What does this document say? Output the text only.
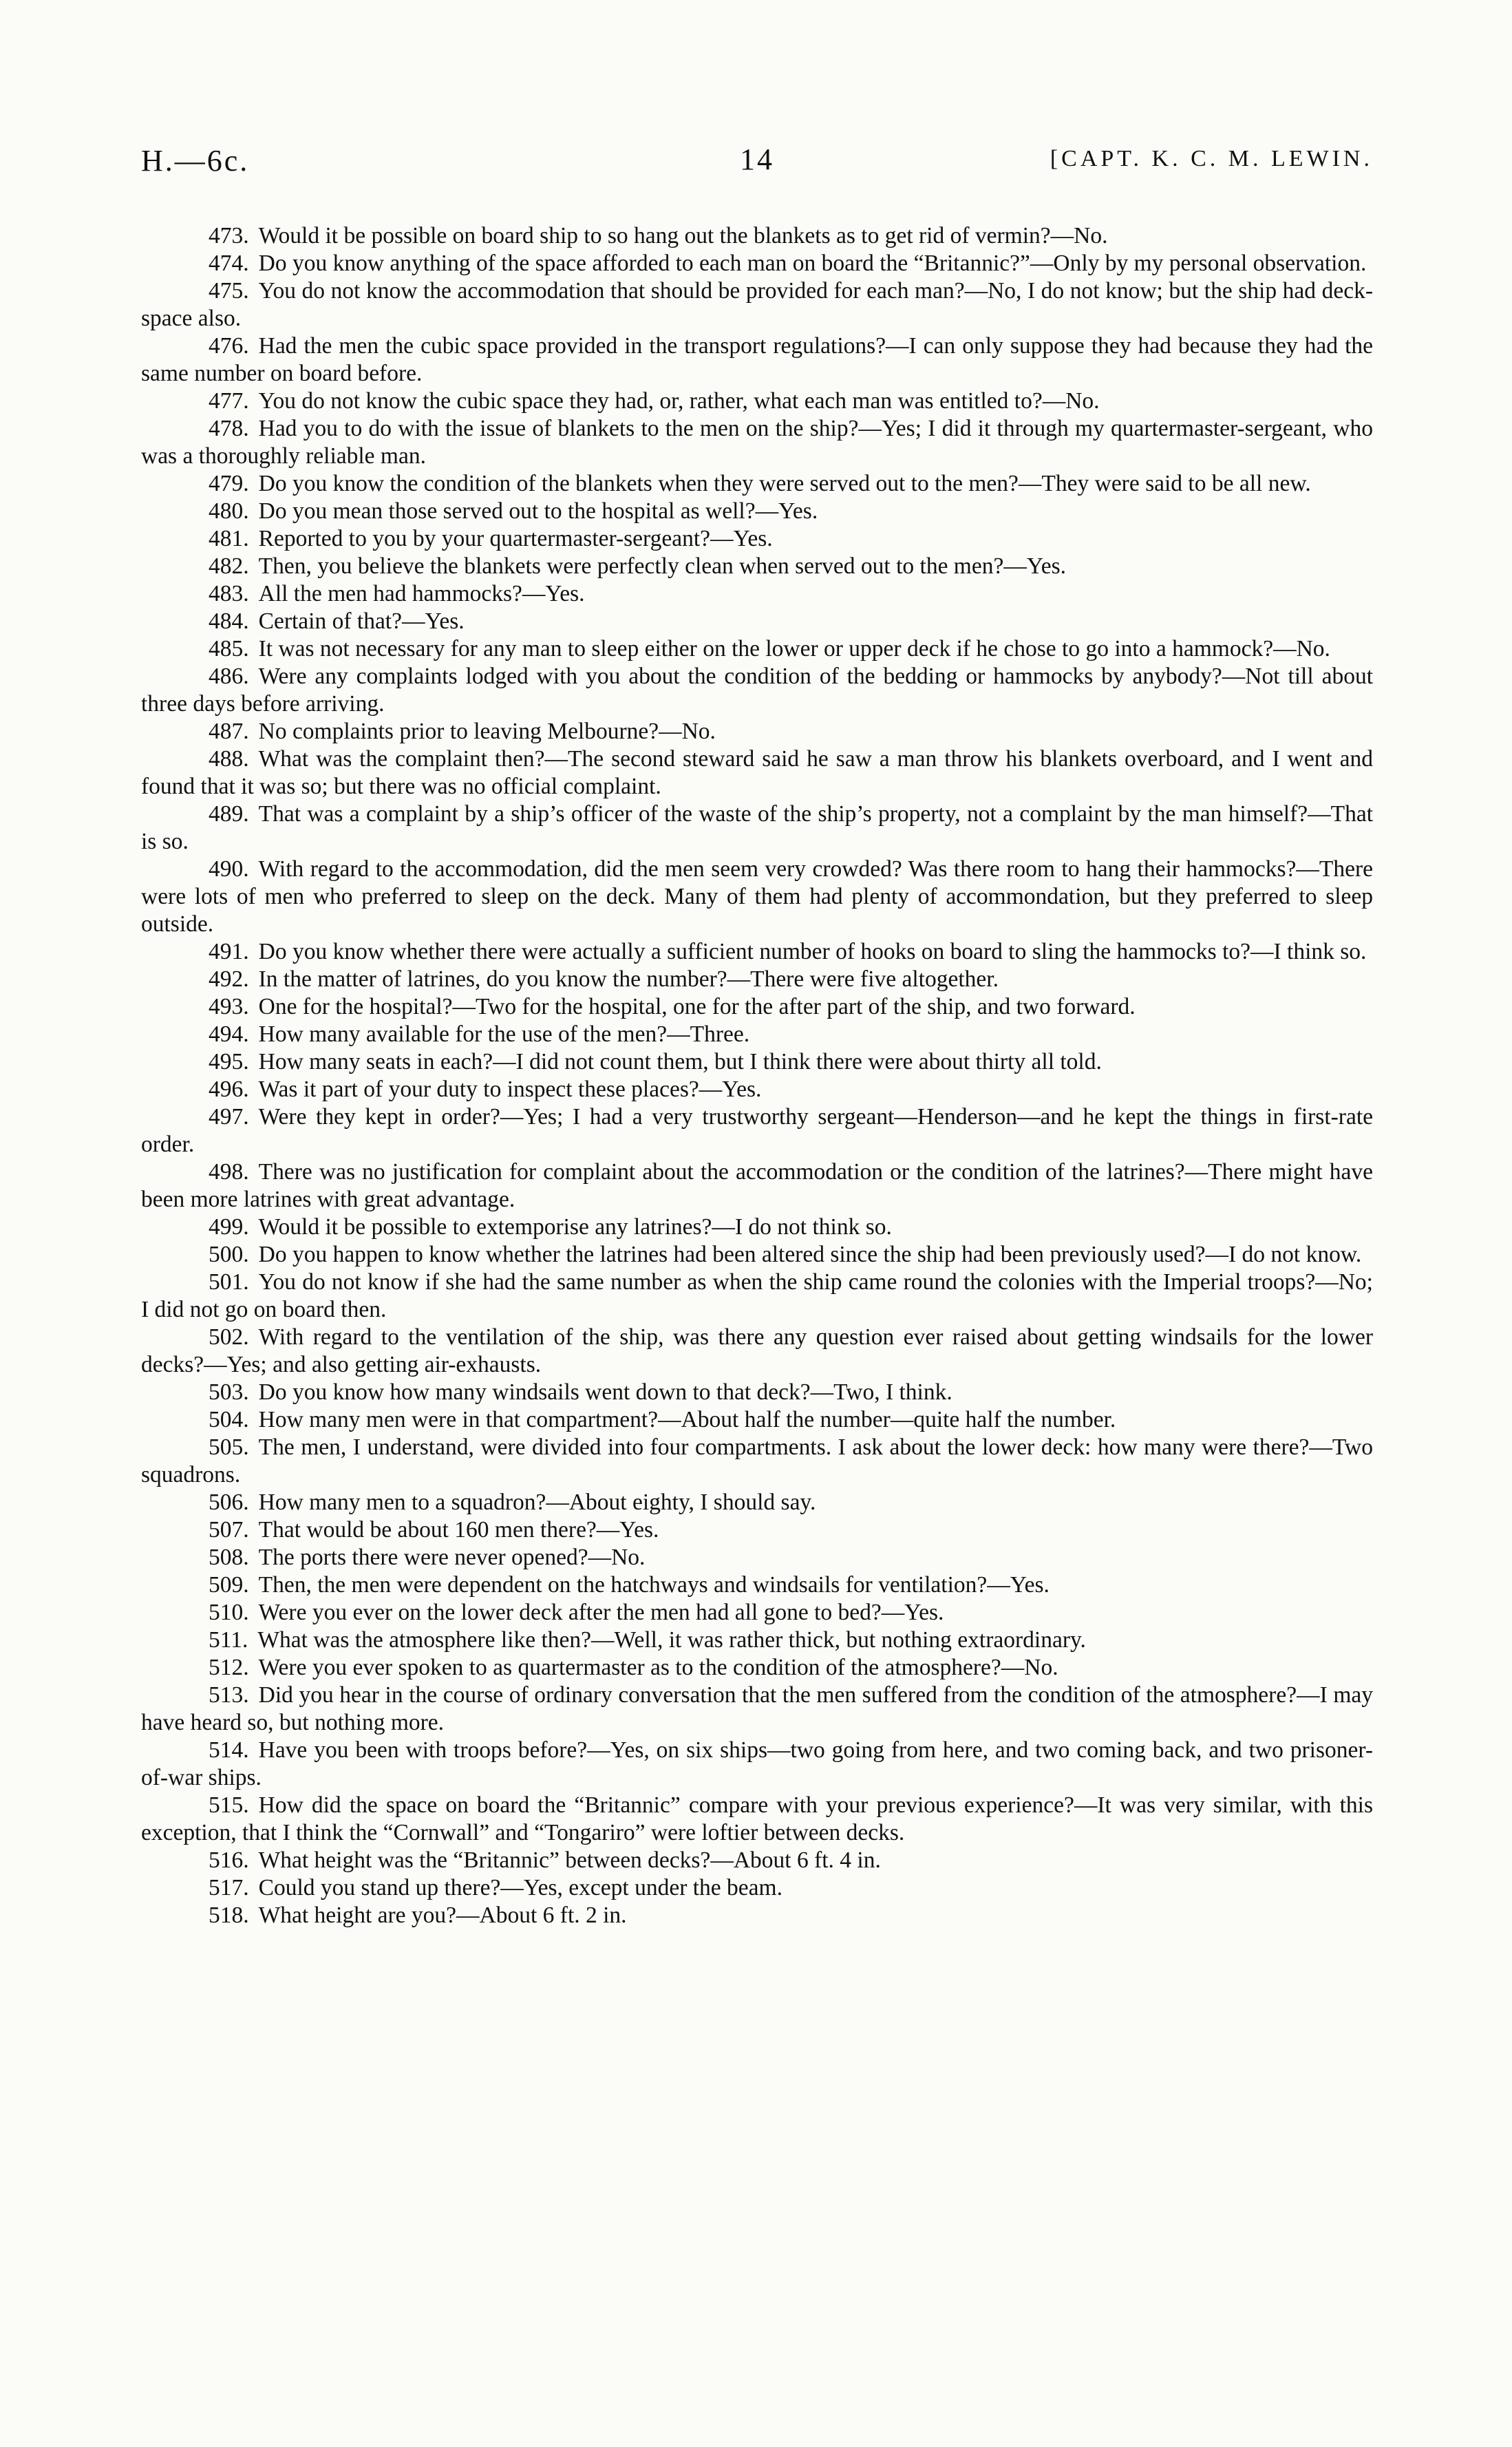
H.—6c.	14	[CAPT. K. C. M. LEWIN.

473. Would it be possible on board ship to so hang out the blankets as to get rid of vermin?—No.

474. Do you know anything of the space afforded to each man on board the “Britannic?”—Only by my personal observation.

475. You do not know the accommodation that should be provided for each man?—No, I do not know; but the ship had deck-space also.

476. Had the men the cubic space provided in the transport regulations?—I can only suppose they had because they had the same number on board before.

477. You do not know the cubic space they had, or, rather, what each man was entitled to?—No.

478. Had you to do with the issue of blankets to the men on the ship?—Yes; I did it through my quartermaster-sergeant, who was a thoroughly reliable man.

479. Do you know the condition of the blankets when they were served out to the men?—They were said to be all new.

480. Do you mean those served out to the hospital as well?—Yes.

481. Reported to you by your quartermaster-sergeant?—Yes.

482. Then, you believe the blankets were perfectly clean when served out to the men?—Yes.

483. All the men had hammocks?—Yes.

484. Certain of that?—Yes.

485. It was not necessary for any man to sleep either on the lower or upper deck if he chose to go into a hammock?—No.

486. Were any complaints lodged with you about the condition of the bedding or hammocks by anybody?—Not till about three days before arriving.

487. No complaints prior to leaving Melbourne?—No.

488. What was the complaint then?—The second steward said he saw a man throw his blankets overboard, and I went and found that it was so; but there was no official complaint.

489. That was a complaint by a ship’s officer of the waste of the ship’s property, not a complaint by the man himself?—That is so.

490. With regard to the accommodation, did the men seem very crowded? Was there room to hang their hammocks?—There were lots of men who preferred to sleep on the deck. Many of them had plenty of accommondation, but they preferred to sleep outside.

491. Do you know whether there were actually a sufficient number of hooks on board to sling the hammocks to?—I think so.

492. In the matter of latrines, do you know the number?—There were five altogether.

493. One for the hospital?—Two for the hospital, one for the after part of the ship, and two forward.

494. How many available for the use of the men?—Three.

495. How many seats in each?—I did not count them, but I think there were about thirty all told.

496. Was it part of your duty to inspect these places?—Yes.

497. Were they kept in order?—Yes; I had a very trustworthy sergeant—Henderson—and he kept the things in first-rate order.

498. There was no justification for complaint about the accommodation or the condition of the latrines?—There might have been more latrines with great advantage.

499. Would it be possible to extemporise any latrines?—I do not think so.

500. Do you happen to know whether the latrines had been altered since the ship had been previously used?—I do not know.

501. You do not know if she had the same number as when the ship came round the colonies with the Imperial troops?—No; I did not go on board then.

502. With regard to the ventilation of the ship, was there any question ever raised about getting windsails for the lower decks?—Yes; and also getting air-exhausts.

503. Do you know how many windsails went down to that deck?—Two, I think.

504. How many men were in that compartment?—About half the number—quite half the number.

505. The men, I understand, were divided into four compartments. I ask about the lower deck: how many were there?—Two squadrons.

506. How many men to a squadron?—About eighty, I should say.

507. That would be about 160 men there?—Yes.

508. The ports there were never opened?—No.

509. Then, the men were dependent on the hatchways and windsails for ventilation?—Yes.

510. Were you ever on the lower deck after the men had all gone to bed?—Yes.

511. What was the atmosphere like then?—Well, it was rather thick, but nothing extraordinary.

512. Were you ever spoken to as quartermaster as to the condition of the atmosphere?—No.

513. Did you hear in the course of ordinary conversation that the men suffered from the condition of the atmosphere?—I may have heard so, but nothing more.

514. Have you been with troops before?—Yes, on six ships—two going from here, and two coming back, and two prisoner-of-war ships.

515. How did the space on board the “Britannic” compare with your previous experience?—It was very similar, with this exception, that I think the “Cornwall” and “Tongariro” were loftier between decks.

516. What height was the “Britannic” between decks?—About 6 ft. 4 in.

517. Could you stand up there?—Yes, except under the beam.

518. What height are you?—About 6 ft. 2 in.
